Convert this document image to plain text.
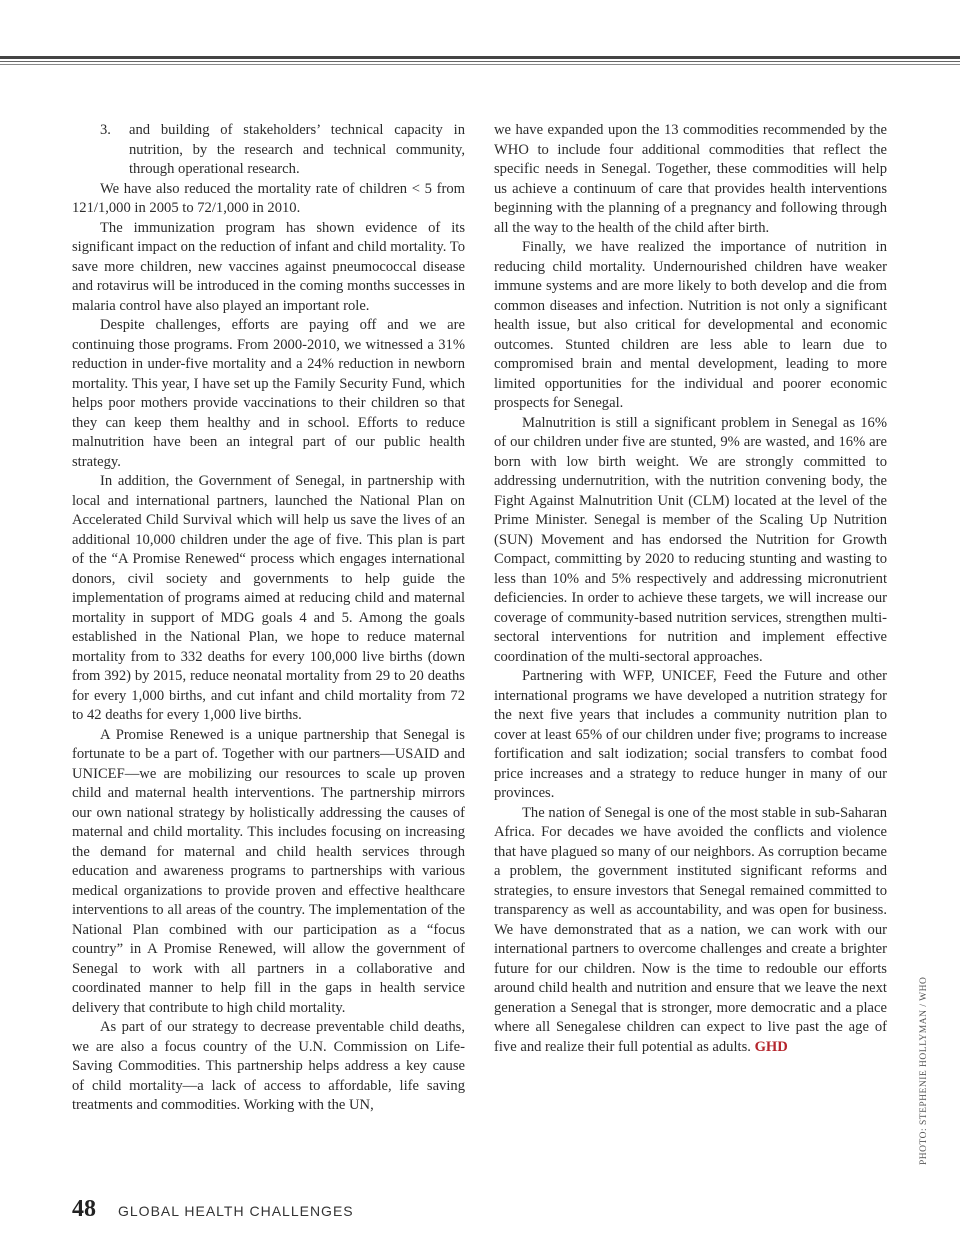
3.	and building of stakeholders’ technical capacity in nutrition, by the research and technical community, through operational research.

We have also reduced the mortality rate of children < 5 from 121/1,000 in 2005 to 72/1,000 in 2010.

The immunization program has shown evidence of its significant impact on the reduction of infant and child mortality. To save more children, new vaccines against pneumococcal disease and rotavirus will be introduced in the coming months successes in malaria control have also played an important role.

Despite challenges, efforts are paying off and we are continuing those programs. From 2000-2010, we witnessed a 31% reduction in under-five mortality and a 24% reduction in newborn mortality. This year, I have set up the Family Security Fund, which helps poor mothers provide vaccinations to their children so that they can keep them healthy and in school. Efforts to reduce malnutrition have been an integral part of our public health strategy.

In addition, the Government of Senegal, in partnership with local and international partners, launched the National Plan on Accelerated Child Survival which will help us save the lives of an additional 10,000 children under the age of five. This plan is part of the “A Promise Renewed“ process which engages international donors, civil society and governments to help guide the implementation of programs aimed at reducing child and maternal mortality in support of MDG goals 4 and 5. Among the goals established in the National Plan, we hope to reduce maternal mortality from to 332 deaths for every 100,000 live births (down from 392) by 2015, reduce neonatal mortality from 29 to 20 deaths for every 1,000 births, and cut infant and child mortality from 72 to 42 deaths for every 1,000 live births.

A Promise Renewed is a unique partnership that Senegal is fortunate to be a part of. Together with our partners—USAID and UNICEF—we are mobilizing our resources to scale up proven child and maternal health interventions. The partnership mirrors our own national strategy by holistically addressing the causes of maternal and child mortality. This includes focusing on increasing the demand for maternal and child health services through education and awareness programs to partnerships with various medical organizations to provide proven and effective healthcare interventions to all areas of the country. The implementation of the National Plan combined with our participation as a “focus country” in A Promise Renewed, will allow the government of Senegal to work with all partners in a collaborative and coordinated manner to help fill in the gaps in health service delivery that contribute to high child mortality.

As part of our strategy to decrease preventable child deaths, we are also a focus country of the U.N. Commission on Life-Saving Commodities. This partnership helps address a key cause of child mortality—a lack of access to affordable, life saving treatments and commodities. Working with the UN,

we have expanded upon the 13 commodities recommended by the WHO to include four additional commodities that reflect the specific needs in Senegal. Together, these commodities will help us achieve a continuum of care that provides health interventions beginning with the planning of a pregnancy and following through all the way to the health of the child after birth.

Finally, we have realized the importance of nutrition in reducing child mortality. Undernourished children have weaker immune systems and are more likely to both develop and die from common diseases and infection. Nutrition is not only a significant health issue, but also critical for developmental and economic outcomes. Stunted children are less able to learn due to compromised brain and mental development, leading to more limited opportunities for the individual and poorer economic prospects for Senegal.

Malnutrition is still a significant problem in Senegal as 16% of our children under five are stunted, 9% are wasted, and 16% are born with low birth weight. We are strongly committed to addressing undernutrition, with the nutrition convening body, the Fight Against Malnutrition Unit (CLM) located at the level of the Prime Minister. Senegal is member of the Scaling Up Nutrition (SUN) Movement and has endorsed the Nutrition for Growth Compact, committing by 2020 to reducing stunting and wasting to less than 10% and 5% respectively and addressing micronutrient deficiencies. In order to achieve these targets, we will increase our coverage of community-based nutrition services, strengthen multi-sectoral interventions for nutrition and implement effective coordination of the multi-sectoral approaches.

Partnering with WFP, UNICEF, Feed the Future and other international programs we have developed a nutrition strategy for the next five years that includes a community nutrition plan to cover at least 65% of our children under five; programs to increase fortification and salt iodization; social transfers to combat food price increases and a strategy to reduce hunger in many of our provinces.

The nation of Senegal is one of the most stable in sub-Saharan Africa. For decades we have avoided the conflicts and violence that have plagued so many of our neighbors. As corruption became a problem, the government instituted significant reforms and strategies, to ensure investors that Senegal remained committed to transparency as well as accountability, and was open for business. We have demonstrated that as a nation, we can work with our international partners to overcome challenges and create a brighter future for our children. Now is the time to redouble our efforts around child health and nutrition and ensure that we leave the next generation a Senegal that is stronger, more democratic and a place where all Senegalese children can expect to live past the age of five and realize their full potential as adults. GHD	PHOTO: STEPHENIE HOLLYMAN / WHO
48 GLOBAL HEALTH CHALLENGES
